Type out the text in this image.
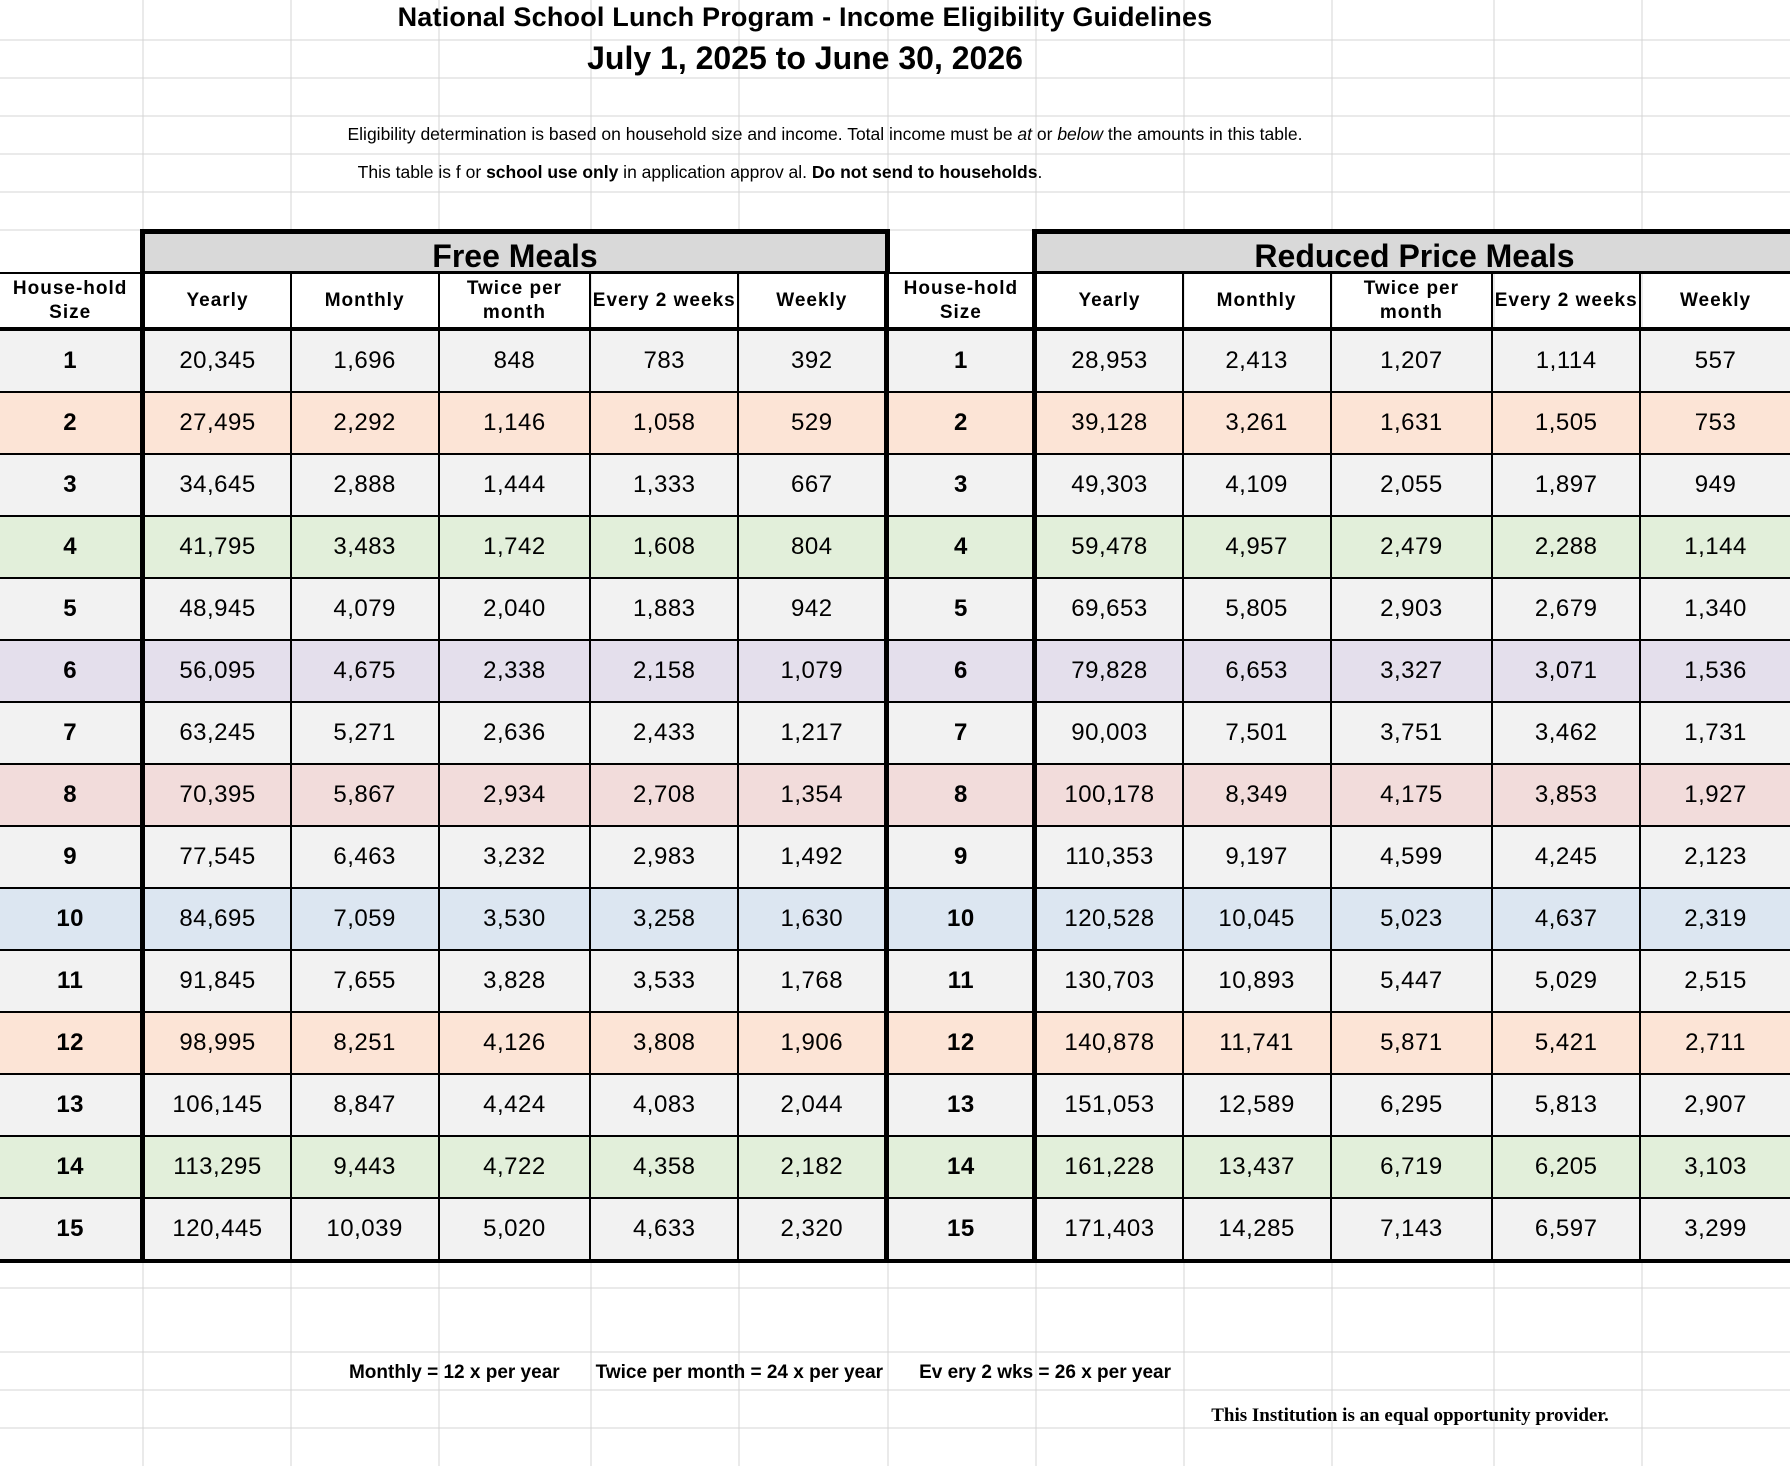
National School Lunch Program - Income Eligibility Guidelines
July 1, 2025 to June 30, 2026
Eligibility determination is based on household size and income. Total income must be at or below the amounts in this table.
This table is f or school use only in application approv al. Do not send to households.
Free Meals	Reduced Price Meals
House-hold Size	Yearly	Monthly	Twice per month	Every 2 weeks	Weekly	House-hold Size	Yearly	Monthly	Twice per month	Every 2 weeks	Weekly
1	20,345	1,696	848	783	392	1	28,953	2,413	1,207	1,114	557
2	27,495	2,292	1,146	1,058	529	2	39,128	3,261	1,631	1,505	753
3	34,645	2,888	1,444	1,333	667	3	49,303	4,109	2,055	1,897	949
4	41,795	3,483	1,742	1,608	804	4	59,478	4,957	2,479	2,288	1,144
5	48,945	4,079	2,040	1,883	942	5	69,653	5,805	2,903	2,679	1,340
6	56,095	4,675	2,338	2,158	1,079	6	79,828	6,653	3,327	3,071	1,536
7	63,245	5,271	2,636	2,433	1,217	7	90,003	7,501	3,751	3,462	1,731
8	70,395	5,867	2,934	2,708	1,354	8	100,178	8,349	4,175	3,853	1,927
9	77,545	6,463	3,232	2,983	1,492	9	110,353	9,197	4,599	4,245	2,123
10	84,695	7,059	3,530	3,258	1,630	10	120,528	10,045	5,023	4,637	2,319
11	91,845	7,655	3,828	3,533	1,768	11	130,703	10,893	5,447	5,029	2,515
12	98,995	8,251	4,126	3,808	1,906	12	140,878	11,741	5,871	5,421	2,711
13	106,145	8,847	4,424	4,083	2,044	13	151,053	12,589	6,295	5,813	2,907
14	113,295	9,443	4,722	4,358	2,182	14	161,228	13,437	6,719	6,205	3,103
15	120,445	10,039	5,020	4,633	2,320	15	171,403	14,285	7,143	6,597	3,299
Monthly = 12 x per year Twice per month = 24 x per year Ev ery 2 wks = 26 x per year
This Institution is an equal opportunity provider.
